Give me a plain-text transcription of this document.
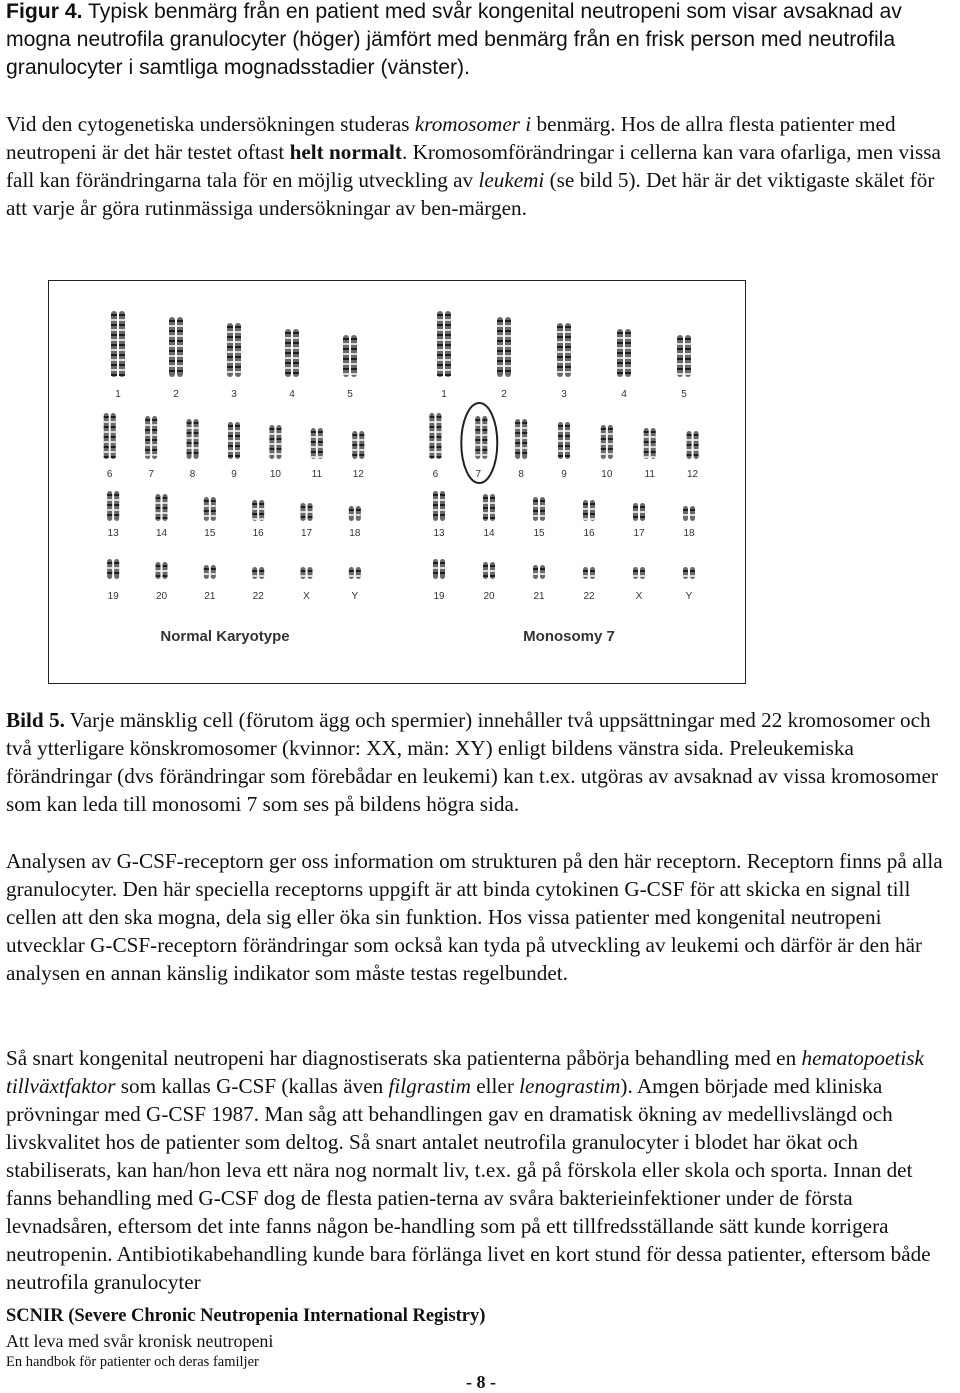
Figur 4. Typisk benmärg från en patient med svår kongenital neutropeni som visar avsaknad av mogna neutrofila granulocyter (höger) jämfört med benmärg från en frisk person med neutrofila granulocyter i samtliga mognadsstadier (vänster).

Vid den cytogenetiska undersökningen studeras kromosomer i benmärg. Hos de allra flesta patienter med neutropeni är det här testet oftast helt normalt. Kromosomförändringar i cellerna kan vara ofarliga, men vissa fall kan förändringarna tala för en möjlig utveckling av leukemi (se bild 5). Det här är det viktigaste skälet för att varje år göra rutinmässiga undersökningar av ben-märgen.

1	2	3	4	5
6	7	8	9	10	11	12
13	14	15	16	17	18
19	20	21	22	X	Y
1	2	3	4	5
6	7	8	9	10	11	12
13	14	15	16	17	18
19	20	21	22	X	Y
Normal Karyotype	Monosomy 7

Bild 5. Varje mänsklig cell (förutom ägg och spermier) innehåller två uppsättningar med 22 kromosomer och två ytterligare könskromosomer (kvinnor: XX, män: XY) enligt bildens vänstra sida. Preleukemiska förändringar (dvs förändringar som förebådar en leukemi) kan t.ex. utgöras av avsaknad av vissa kromosomer som kan leda till monosomi 7 som ses på bildens högra sida.

Analysen av G-CSF-receptorn ger oss information om strukturen på den här receptorn. Receptorn finns på alla granulocyter. Den här speciella receptorns uppgift är att binda cytokinen G-CSF för att skicka en signal till cellen att den ska mogna, dela sig eller öka sin funktion. Hos vissa patienter med kongenital neutropeni utvecklar G-CSF-receptorn förändringar som också kan tyda på utveckling av leukemi och därför är den här analysen en annan känslig indikator som måste testas regelbundet.

Så snart kongenital neutropeni har diagnostiserats ska patienterna påbörja behandling med en hematopoetisk tillväxtfaktor som kallas G-CSF (kallas även filgrastim eller lenograstim). Amgen började med kliniska prövningar med G-CSF 1987. Man såg att behandlingen gav en dramatisk ökning av medellivslängd och livskvalitet hos de patienter som deltog. Så snart antalet neutrofila granulocyter i blodet har ökat och stabiliserats, kan han/hon leva ett nära nog normalt liv, t.ex. gå på förskola eller skola och sporta. Innan det fanns behandling med G-CSF dog de flesta patien-terna av svåra bakterieinfektioner under de första levnadsåren, eftersom det inte fanns någon be-handling som på ett tillfredsställande sätt kunde korrigera neutropenin. Antibiotikabehandling kunde bara förlänga livet en kort stund för dessa patienter, eftersom både neutrofila granulocyter

SCNIR (Severe Chronic Neutropenia International Registry)
Att leva med svår kronisk neutropeni
En handbok för patienter och deras familjer
- 8 -
